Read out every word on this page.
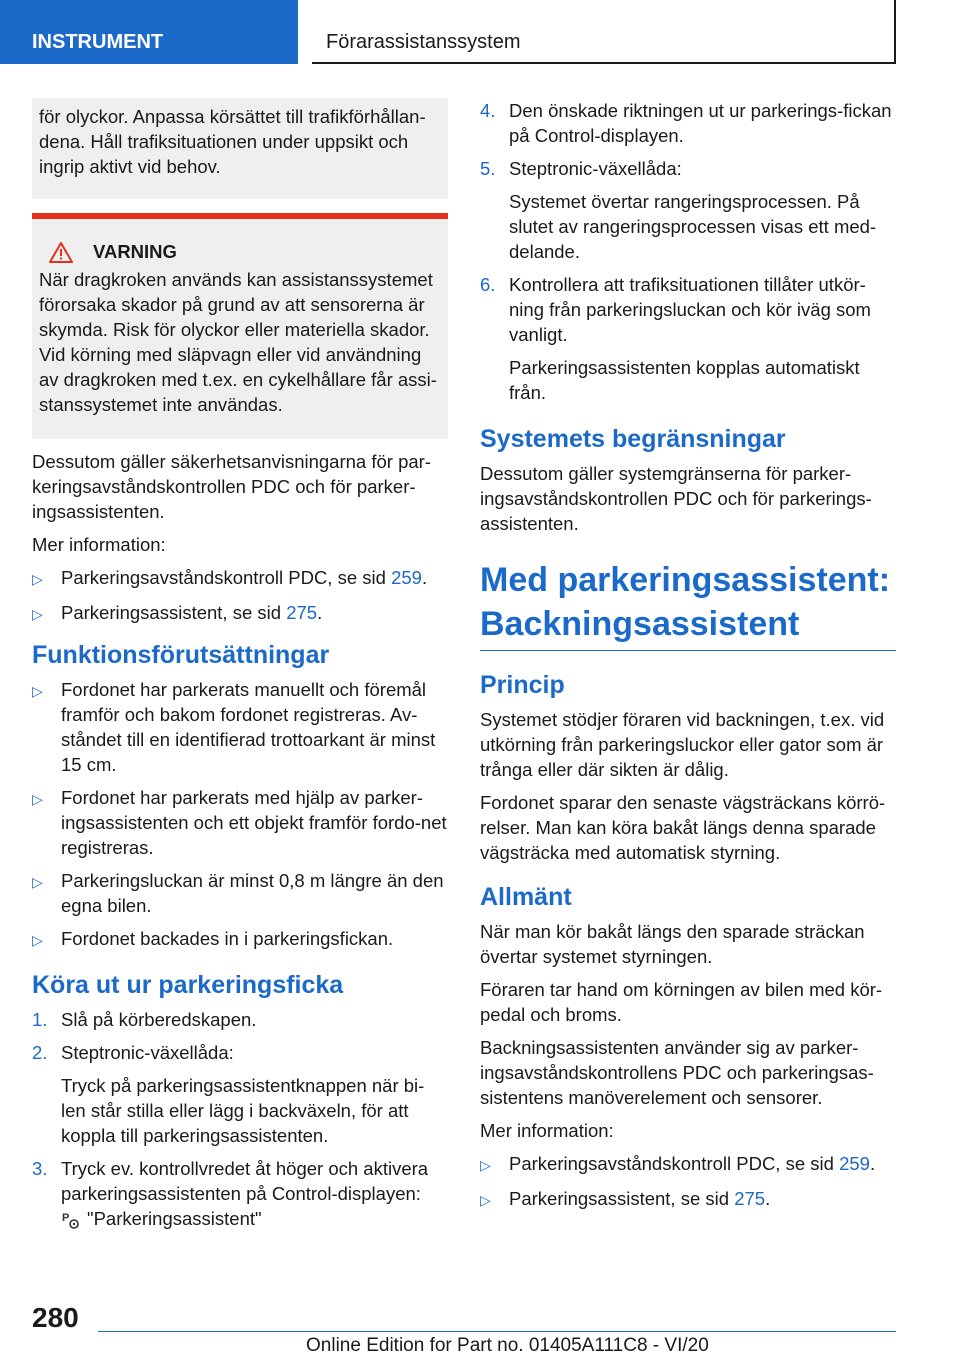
INSTRUMENT	Förarassistanssystem

för olyckor. Anpassa körsättet till trafikförhållan-dena. Håll trafiksituationen under uppsikt och ingrip aktivt vid behov.

VARNING

När dragkroken används kan assistanssystemet förorsaka skador på grund av att sensorerna är skymda. Risk för olyckor eller materiella skador. Vid körning med släpvagn eller vid användning av dragkroken med t.ex. en cykelhållare får assi-stanssystemet inte användas.

Dessutom gäller säkerhetsanvisningarna för par-keringsavståndskontrollen PDC och för parker-ingsassistenten.

Mer information:

▷ Parkeringsavståndskontroll PDC, se sid 259.
▷ Parkeringsassistent, se sid 275.
Funktionsförutsättningar
▷ Fordonet har parkerats manuellt och föremål framför och bakom fordonet registreras. Av-ståndet till en identifierad trottoarkant är minst 15 cm.
▷ Fordonet har parkerats med hjälp av parker-ingsassistenten och ett objekt framför fordo-net registreras.
▷ Parkeringsluckan är minst 0,8 m längre än den egna bilen.
▷ Fordonet backades in i parkeringsfickan.
Köra ut ur parkeringsficka
1. Slå på körberedskapen.

2. Steptronic-växellåda:

Tryck på parkeringsassistentknappen när bi-len står stilla eller lägg i backväxeln, för att koppla till parkeringsassistenten.

3. Tryck ev. kontrollvredet åt höger och aktivera parkeringsassistenten på Control-displayen:

P "Parkeringsassistent"

4. Den önskade riktningen ut ur parkerings-fickan på Control-displayen.

5. Steptronic-växellåda:

Systemet övertar rangeringsprocessen. På slutet av rangeringsprocessen visas ett med-delande.

6. Kontrollera att trafiksituationen tillåter utkör-ning från parkeringsluckan och kör iväg som vanligt.

Parkeringsassistenten kopplas automatiskt från.

Systemets begränsningar

Dessutom gäller systemgränserna för parker-ingsavståndskontrollen PDC och för parkerings-assistenten.

Med parkeringsassistent:
Backningsassistent
Princip

Systemet stödjer föraren vid backningen, t.ex. vid utkörning från parkeringsluckor eller gator som är trånga eller där sikten är dålig.

Fordonet sparar den senaste vägsträckans körrö-relser. Man kan köra bakåt längs denna sparade vägsträcka med automatisk styrning.

Allmänt

När man kör bakåt längs den sparade sträckan övertar systemet styrningen.

Föraren tar hand om körningen av bilen med kör-pedal och broms.

Backningsassistenten använder sig av parker-ingsavståndskontrollens PDC och parkeringsas-sistentens manöverelement och sensorer.

Mer information:

▷ Parkeringsavståndskontroll PDC, se sid 259.
▷ Parkeringsassistent, se sid 275.
280
Online Edition for Part no. 01405A111C8 - VI/20
